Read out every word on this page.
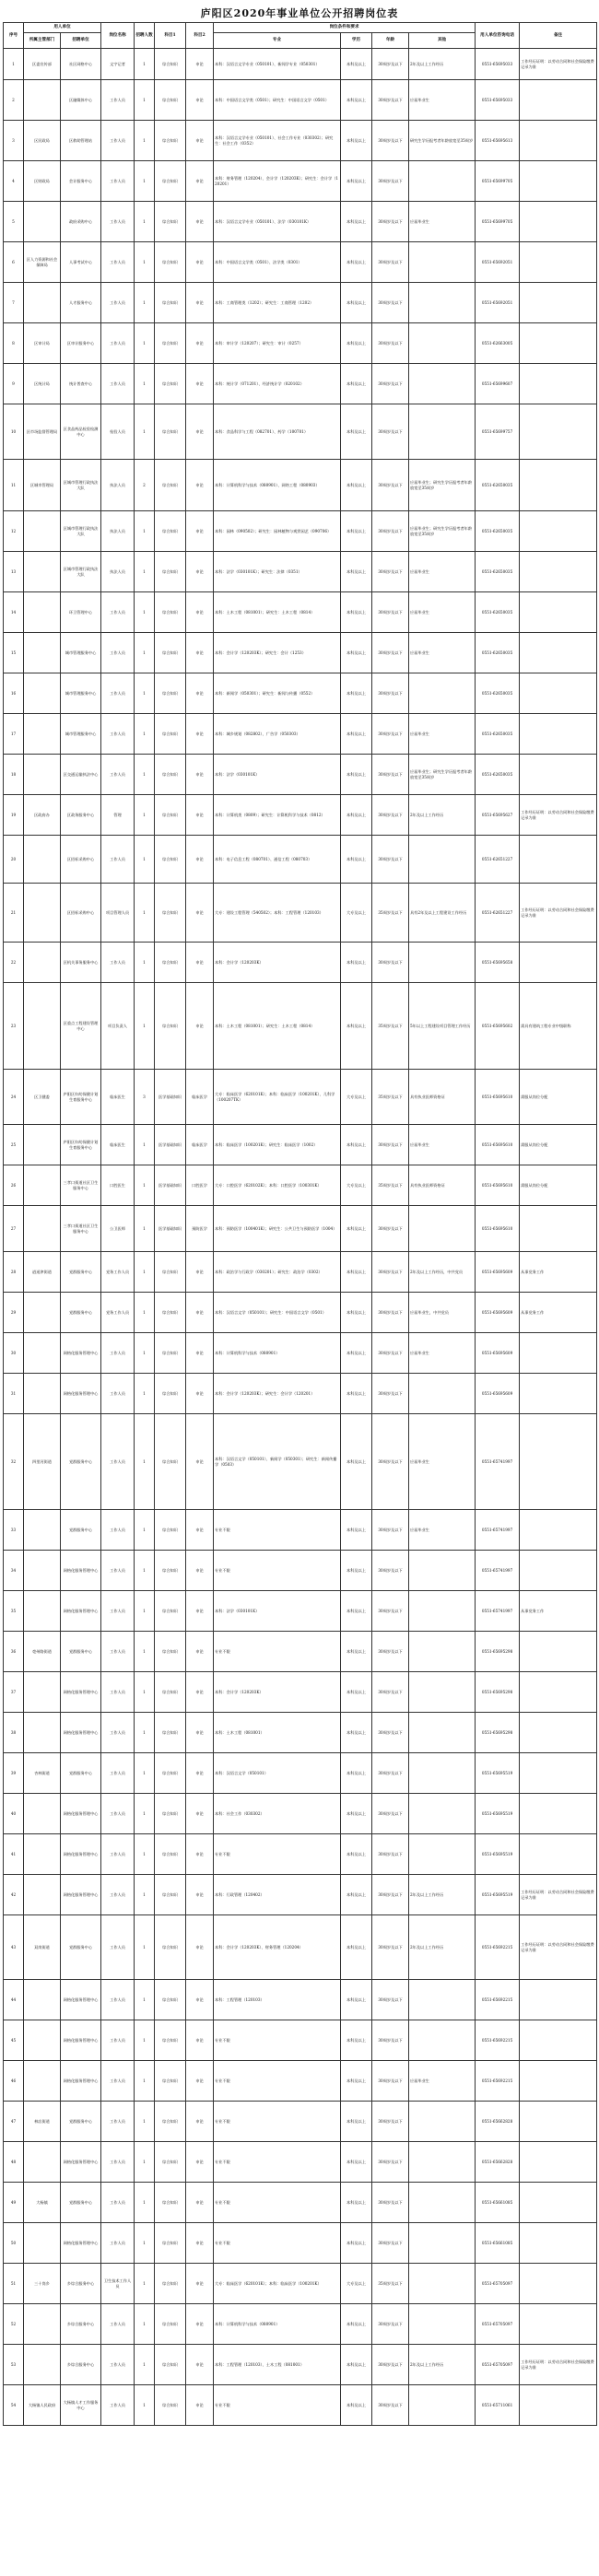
庐阳区2020年事业单位公开招聘岗位表
序号	用人单位		岗位名称	招聘人数	科目1	科目2	岗位条件和要求				用人单位咨询电话	备注
	所属主管部门	招聘单位					专业	学历	年龄	其他		
1	区委宣传部	社区网格中心	文字记者	1	综合知识	申论	本科：汉语言文学专业（050101）、新闻学专业（050301）	本科及以上	30周岁及以下	2年及以上工作经历	0551-65695033	工作经历证明：以劳动合同和社会保险缴费记录为准
2		区融媒体中心	工作人员	1	综合知识	申论	本科：中国语言文学类（0501）；研究生：中国语言文学（0501）	本科及以上	30周岁及以下	应届毕业生	0551-65695033	
3	区民政局	区救助管理站	工作人员	1	综合知识	申论	本科：汉语言文学专业（050101）、社会工作专业（030302）；研究生：社会工作（0352）	本科及以上	30周岁及以下	研究生学历报考者年龄放宽至35周岁	0551-65695613	
4	区财政局	会计服务中心	工作人员	1	综合知识	申论	本科：财务管理（120204）、会计学（120203K）；研究生：会计学（120201）	本科及以上	30周岁及以下		0551-65699705	
5		政府采购中心	工作人员	1	综合知识	申论	本科：汉语言文学专业（050101）、法学（030101K）	本科及以上	30周岁及以下	应届毕业生	0551-65699705	
6	区人力资源和社会保障局	人事考试中心	工作人员	1	综合知识	申论	本科：中国语言文学类（0501）、法学类（0301）	本科及以上	30周岁及以下		0551-65692051	
7		人才服务中心	工作人员	1	综合知识	申论	本科：工商管理类（1202）；研究生：工商管理（1202）	本科及以上	30周岁及以下		0551-65692051	
8	区审计局	区审计服务中心	工作人员	1	综合知识	申论	本科：审计学（120207）；研究生：审计（0257）	本科及以上	30周岁及以下		0551-62663005	
9	区统计局	统计普查中心	工作人员	1	综合知识	申论	本科：统计学（071201）、经济统计学（020102）	本科及以上	30周岁及以下		0551-65699607	
10	区市场监督管理局	区食品药品检验检测中心	检验人员	1	综合知识	申论	本科：食品科学与工程（082701）、药学（100701）	本科及以上	30周岁及以下		0551-65699757	
11	区城市管理局	区城市管理行政执法大队	执法人员	2	综合知识	申论	本科：计算机科学与技术（080901）、网络工程（080903）	本科及以上	30周岁及以下	应届毕业生；研究生学历报考者年龄放宽至35周岁	0551-62650035	
12		区城市管理行政执法大队	执法人员	1	综合知识	申论	本科：园林（090502）；研究生：园林植物与观赏园艺（090706）	本科及以上	30周岁及以下	应届毕业生；研究生学历报考者年龄放宽至35周岁	0551-62650035	
13		区城市管理行政执法大队	执法人员	1	综合知识	申论	本科：法学（030101K）；研究生：法律（0351）	本科及以上	30周岁及以下	应届毕业生	0551-62650035	
14		环卫管理中心	工作人员	1	综合知识	申论	本科：土木工程（081001）；研究生：土木工程（0814）	本科及以上	30周岁及以下	应届毕业生	0551-62650035	
15		城市管理服务中心	工作人员	1	综合知识	申论	本科：会计学（120203K）；研究生：会计（1253）	本科及以上	30周岁及以下	应届毕业生	0551-62650035	
16		城市管理服务中心	工作人员	1	综合知识	申论	本科：新闻学（050301）；研究生：新闻与传播（0552）	本科及以上	30周岁及以下		0551-62650035	
17		城市管理服务中心	工作人员	1	综合知识	申论	本科：城乡规划（082802）、广告学（050303）	本科及以上	30周岁及以下	应届毕业生	0551-62650035	
18		区交通运输执法中心	工作人员	1	综合知识	申论	本科：法学（030101K）	本科及以上	30周岁及以下	应届毕业生；研究生学历报考者年龄放宽至35周岁	0551-62650035	
19	区政府办	区政务服务中心	管理	1	综合知识	申论	本科：计算机类（0809）；研究生：计算机科学与技术（0812）	本科及以上	30周岁及以下	2年及以上工作经历	0551-65695627	工作经历证明：以劳动合同和社会保险缴费记录为准
20		区招标采购中心	工作人员	1	综合知识	申论	本科：电子信息工程（080701）、通信工程（080703）	本科及以上	30周岁及以下		0551-62651227	
21		区招标采购中心	项目管理人员	1	综合知识	申论	大专：建设工程管理（540502）；本科：工程管理（120103）	大专及以上	35周岁及以下	具有2年及以上工程建设工作经历	0551-62651227	工作经历证明：以劳动合同和社会保险缴费记录为准
22		区机关事务服务中心	工作人员	1	综合知识	申论	本科：会计学（120203K）	本科及以上	30周岁及以下		0551-65695658	
23		区重点工程建设管理中心	项目负责人	1	综合知识	申论	本科：土木工程（081001）；研究生：土木工程（0814）	本科及以上	35周岁及以下	5年以上工程建设项目管理工作经历	0551-65695602	需具有建筑工程专业中级职称
24	区卫健委	庐阳区妇幼保健计划生育服务中心	临床医生	3	医学基础知识	临床医学	大专：临床医学（620101K）；本科：临床医学（100201K）、儿科学（100207TK）	大专及以上	35周岁及以下	具有执业医师资格证	0551-65695610	需服从岗位分配
25		庐阳区妇幼保健计划生育服务中心	临床医生	1	医学基础知识	临床医学	本科：临床医学（100201K）；研究生：临床医学（1002）	本科及以上	30周岁及以下	应届毕业生	0551-65695610	需服从岗位分配
26		三孝口街道社区卫生服务中心	口腔医生	1	医学基础知识	口腔医学	大专：口腔医学（620102K）；本科：口腔医学（100301K）	大专及以上	35周岁及以下	具有执业医师资格证	0551-65695610	需服从岗位分配
27		三孝口街道社区卫生服务中心	公卫医师	1	医学基础知识	预防医学	本科：预防医学（100401K）；研究生：公共卫生与预防医学（1004）	本科及以上	30周岁及以下		0551-65695610	
28	逍遥津街道	党群服务中心	党务工作人员	1	综合知识	申论	本科：政治学与行政学（030201）；研究生：政治学（0302）	本科及以上	30周岁及以下	2年及以上工作经历，中共党员	0551-65695609	从事党务工作
29		党群服务中心	党务工作人员	1	综合知识	申论	本科：汉语言文学（050101）；研究生：中国语言文学（0501）	本科及以上	30周岁及以下	应届毕业生，中共党员	0551-65695609	从事党务工作
30		网格化服务管理中心	工作人员	1	综合知识	申论	本科：计算机科学与技术（080901）	本科及以上	30周岁及以下	应届毕业生	0551-65695609	
31		网格化服务管理中心	工作人员	1	综合知识	申论	本科：会计学（120203K）；研究生：会计学（120201）	本科及以上	30周岁及以下		0551-65695609	
32	四里河街道	党群服务中心	工作人员	1	综合知识	申论	本科：汉语言文学（050101）、新闻学（050301）；研究生：新闻传播学（0503）	本科及以上	30周岁及以下	应届毕业生	0551-65741997	
33		党群服务中心	工作人员	1	综合知识	申论	专业不限	本科及以上	30周岁及以下	应届毕业生	0551-65741997	
34		网格化服务管理中心	工作人员	1	综合知识	申论	专业不限	本科及以上	30周岁及以下		0551-65741997	
35		网格化服务管理中心	工作人员	1	综合知识	申论	本科：法学（030101K）	本科及以上	30周岁及以下		0551-65741997	从事党务工作
36	亳州路街道	党群服务中心	工作人员	1	综合知识	申论	专业不限	本科及以上	30周岁及以下		0551-65695298	
37		网格化服务管理中心	工作人员	1	综合知识	申论	本科：会计学（120203K）	本科及以上	30周岁及以下		0551-65695298	
38		网格化服务管理中心	工作人员	1	综合知识	申论	本科：土木工程（081001）	本科及以上	30周岁及以下		0551-65695298	
39	杏林街道	党群服务中心	工作人员	1	综合知识	申论	本科：汉语言文学（050101）	本科及以上	30周岁及以下		0551-65695519	
40		网格化服务管理中心	工作人员	1	综合知识	申论	本科：社会工作（030302）	本科及以上	30周岁及以下		0551-65695519	
41		网格化服务管理中心	工作人员	1	综合知识	申论	专业不限	本科及以上	30周岁及以下		0551-65695519	
42		网格化服务管理中心	工作人员	1	综合知识	申论	本科：行政管理（120402）	本科及以上	30周岁及以下	2年及以上工作经历	0551-65695519	工作经历证明：以劳动合同和社会保险缴费记录为准
43	双岗街道	党群服务中心	工作人员	1	综合知识	申论	本科：会计学（120203K）、财务管理（120204）	本科及以上	30周岁及以下	2年及以上工作经历	0551-65692215	工作经历证明：以劳动合同和社会保险缴费记录为准
44		网格化服务管理中心	工作人员	1	综合知识	申论	本科：工程管理（120103）	本科及以上	30周岁及以下		0551-65692215	
45		网格化服务管理中心	工作人员	1	综合知识	申论	专业不限	本科及以上	30周岁及以下		0551-65692215	
46		网格化服务管理中心	工作人员	1	综合知识	申论	专业不限	本科及以上	30周岁及以下	应届毕业生	0551-65692215	
47	林店街道	党群服务中心	工作人员	1	综合知识	申论	专业不限	本科及以上	30周岁及以下		0551-65662828	
48		网格化服务管理中心	工作人员	1	综合知识	申论	专业不限	本科及以上	30周岁及以下		0551-65662828	
49	大杨镇	党群服务中心	工作人员	1	综合知识	申论	专业不限	本科及以上	30周岁及以下		0551-65661085	
50		网格化服务管理中心	工作人员	1	综合知识	申论	专业不限	本科及以上	30周岁及以下		0551-65661085	
51	三十岗乡	乡综合服务中心	卫生技术工作人员	1	综合知识	申论	大专：临床医学（620101K）；本科：临床医学（100201K）	大专及以上	35周岁及以下		0551-65705097	
52		乡综合服务中心	工作人员	1	综合知识	申论	本科：计算机科学与技术（080901）	本科及以上	30周岁及以下		0551-65705097	
53		乡综合服务中心	工作人员	1	综合知识	申论	本科：工程管理（120103）、土木工程（081001）	本科及以上	30周岁及以下	2年及以上工作经历	0551-65705097	工作经历证明：以劳动合同和社会保险缴费记录为准
54	大杨镇人民政府	大杨镇人才工作服务中心	工作人员	1	综合知识	申论	专业不限	本科及以上	30周岁及以下		0551-65711061	
